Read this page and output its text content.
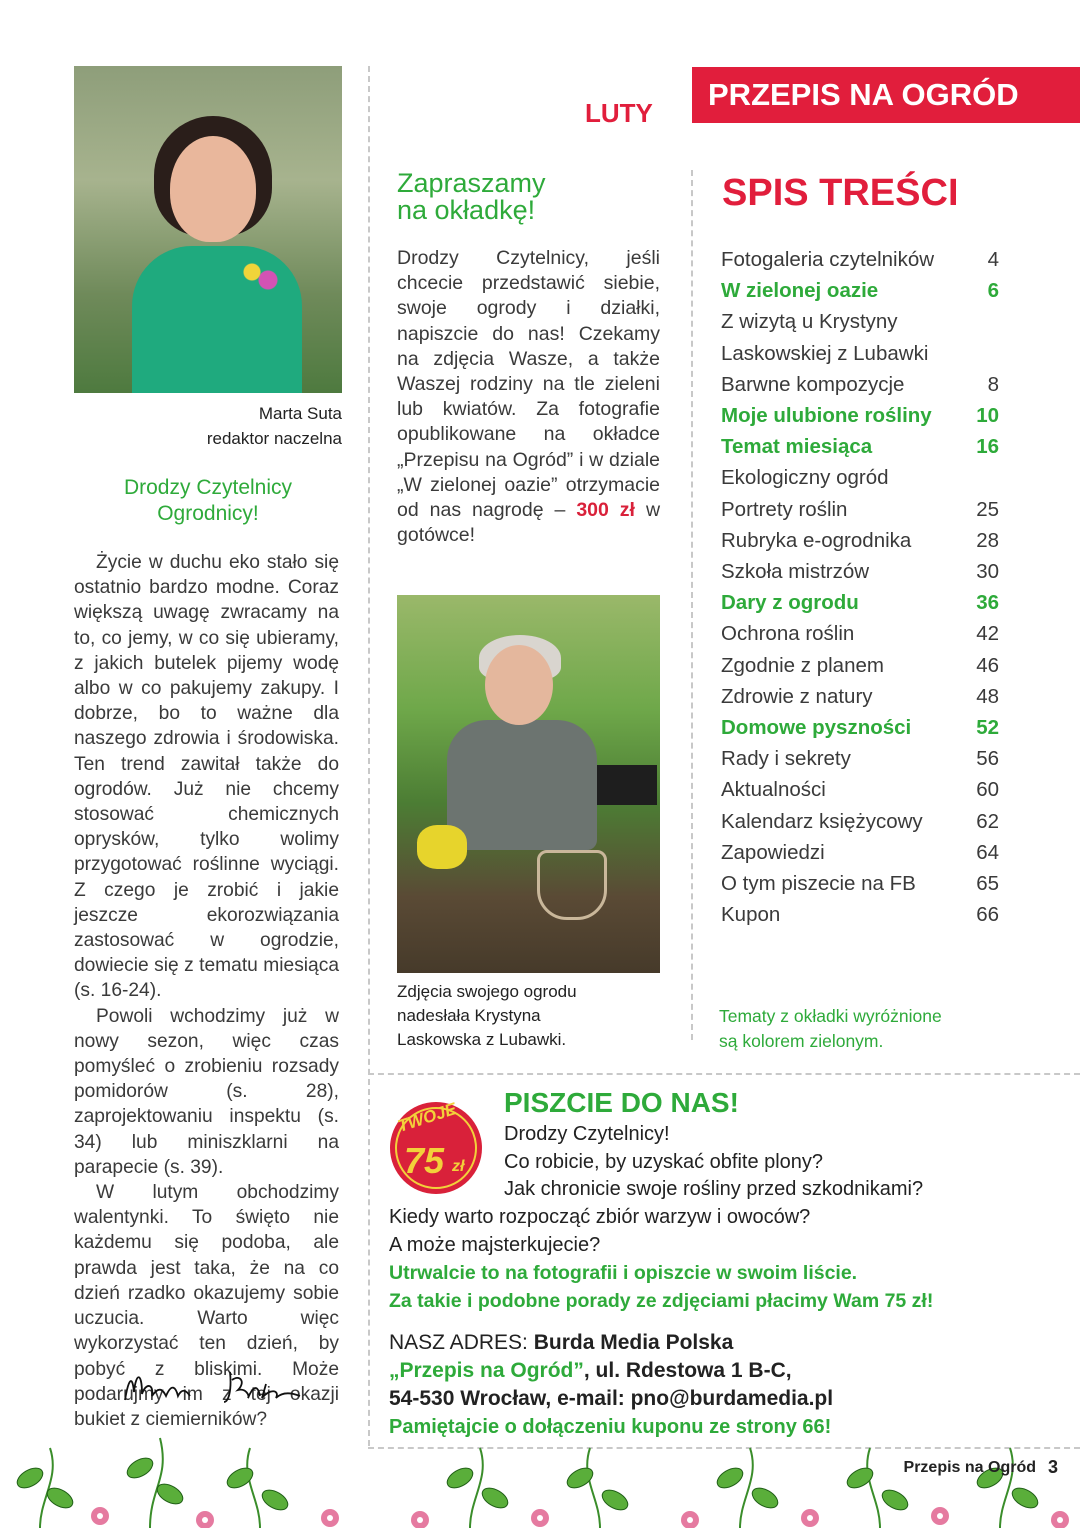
Marta Suta
redaktor naczelna
Drodzy Czytelnicy
Ogrodnicy!

Życie w duchu eko stało się ostatnio bardzo modne. Coraz większą uwagę zwracamy na to, co jemy, w co się ubieramy, z jakich butelek pijemy wodę albo w co pakujemy zakupy. I dobrze, bo to ważne dla naszego zdrowia i środowiska. Ten trend zawitał także do ogrodów. Już nie chcemy stosować chemicznych oprysków, tylko wolimy przygotować roślinne wyciągi. Z czego je zrobić i jakie jeszcze ekorozwiązania zastosować w ogrodzie, dowiecie się z tematu miesiąca (s. 16-24).

Powoli wchodzimy już w nowy sezon, więc czas pomyśleć o zrobieniu rozsady pomidorów (s. 28), zaprojektowaniu inspektu (s. 34) lub miniszklarni na parapecie (s. 39).

W lutym obchodzimy walentynki. To święto nie każdemu się podoba, ale prawda jest taka, że na co dzień rzadko okazujemy sobie uczucia. Warto więc wykorzystać ten dzień, by pobyć z bliskimi. Może podarujmy im z tej okazji bukiet z ciemierników?

LUTY
PRZEPIS NA OGRÓD
Zapraszamy
na okładkę!
Drodzy Czytelnicy, jeśli chcecie przedstawić siebie, swoje ogrody i działki, napiszcie do nas! Czekamy na zdjęcia Wasze, a także Waszej rodziny na tle zieleni lub kwiatów. Za fotografie opublikowane na okładce „Przepisu na Ogród” i w dziale „W zielonej oazie” otrzymacie od nas nagrodę – 300 zł w gotówce!
Zdjęcia swojego ogrodu
nadesłała Krystyna
Laskowska z Lubawki.
SPIS TREŚCI
Fotogaleria czytelników	4
W zielonej oazie	6
Z wizytą u Krystyny
Laskowskiej z Lubawki
Barwne kompozycje	8
Moje ulubione rośliny 10
Temat miesiąca	16
Ekologiczny ogród
Portrety roślin	25
Rubryka e-ogrodnika	28
Szkoła mistrzów	30
Dary z ogrodu	36
Ochrona roślin	42
Zgodnie z planem	46
Zdrowie z natury	48
Domowe pyszności	52
Rady i sekrety	56
Aktualności	60
Kalendarz księżycowy	62
Zapowiedzi	64
O tym piszecie na FB	65
Kupon	66
Tematy z okładki wyróżnione
są kolorem zielonym.
TWOJE
75 zł
PISZCIE DO NAS!
Drodzy Czytelnicy!
Co robicie, by uzyskać obfite plony?
Jak chronicie swoje rośliny przed szkodnikami?
Kiedy warto rozpocząć zbiór warzyw i owoców?
A może majsterkujecie?
Utrwalcie to na fotografii i opiszcie w swoim liście.
Za takie i podobne porady ze zdjęciami płacimy Wam 75 zł!
NASZ ADRES: Burda Media Polska
„Przepis na Ogród”, ul. Rdestowa 1 B-C,
54-530 Wrocław, e-mail: pno@burdamedia.pl
Pamiętajcie o dołączeniu kuponu ze strony 66!
Przepis na Ogród 3
